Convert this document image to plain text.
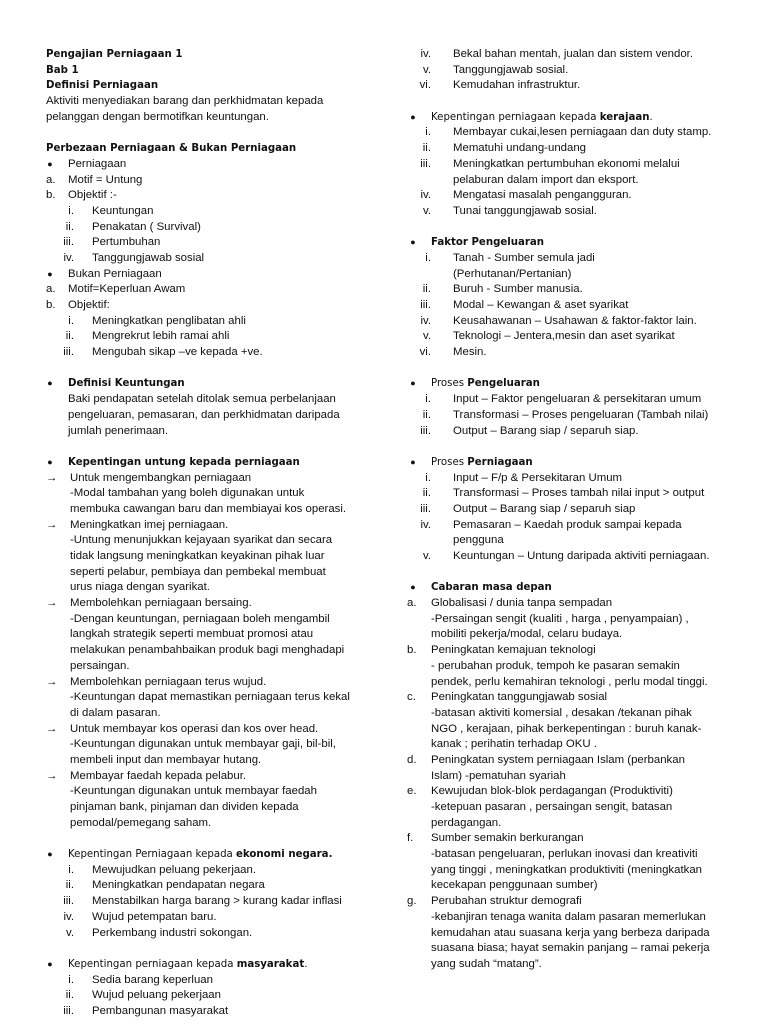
Pengajian Perniagaan 1
Bab 1
Definisi Perniagaan
Aktiviti menyediakan barang dan perkhidmatan kepada
pelanggan dengan bermotifkan keuntungan.
Perbezaan Perniagaan & Bukan Perniagaan
● Perniagaan
a. Motif = Untung
b. Objektif :-
i. Keuntungan
ii. Penakatan ( Survival)
iii. Pertumbuhan
iv. Tanggungjawab sosial
● Bukan Perniagaan
a. Motif=Keperluan Awam
b. Objektif:
i. Meningkatkan penglibatan ahli
ii. Mengrekrut lebih ramai ahli
iii. Mengubah sikap –ve kepada +ve.
● Definisi Keuntungan
Baki pendapatan setelah ditolak semua perbelanjaan
pengeluaran, pemasaran, dan perkhidmatan daripada
jumlah penerimaan.
● Kepentingan untung kepada perniagaan
→	Untuk mengembangkan perniagaan
-Modal tambahan yang boleh digunakan untuk
membuka cawangan baru dan membiayai kos operasi.
→	Meningkatkan imej perniagaan.
-Untung menunjukkan kejayaan syarikat dan secara
tidak langsung meningkatkan keyakinan pihak luar
seperti pelabur, pembiaya dan pembekal membuat
urus niaga dengan syarikat.
→	Membolehkan perniagaan bersaing.
-Dengan keuntungan, perniagaan boleh mengambil
langkah strategik seperti membuat promosi atau
melakukan penambahbaikan produk bagi menghadapi
persaingan.
→	Membolehkan perniagaan terus wujud.
-Keuntungan dapat memastikan perniagaan terus kekal
di dalam pasaran.
→	Untuk membayar kos operasi dan kos over head.
-Keuntungan digunakan untuk membayar gaji, bil-bil,
membeli input dan membayar hutang.
→	Membayar faedah kepada pelabur.
-Keuntungan digunakan untuk membayar faedah
pinjaman bank, pinjaman dan dividen kepada
pemodal/pemegang saham.
● Kepentingan Perniagaan kepada ekonomi negara.
i. Mewujudkan peluang pekerjaan.
ii. Meningkatkan pendapatan negara
iii. Menstabilkan harga barang > kurang kadar inflasi
iv. Wujud petempatan baru.
v. Perkembang industri sokongan.
● Kepentingan perniagaan kepada masyarakat.
i. Sedia barang keperluan
ii. Wujud peluang pekerjaan
iii. Pembangunan masyarakat
iv. Bekal bahan mentah, jualan dan sistem vendor.
v. Tanggungjawab sosial.
vi. Kemudahan infrastruktur.
● Kepentingan perniagaan kepada kerajaan.
i. Membayar cukai,lesen perniagaan dan duty stamp.
ii. Mematuhi undang-undang
iii. Meningkatkan pertumbuhan ekonomi melalui
pelaburan dalam import dan eksport.
iv. Mengatasi masalah pengangguran.
v. Tunai tanggungjawab sosial.
● Faktor Pengeluaran
i. Tanah - Sumber semula jadi
(Perhutanan/Pertanian)
ii. Buruh - Sumber manusia.
iii. Modal – Kewangan & aset syarikat
iv. Keusahawanan – Usahawan & faktor-faktor lain.
v. Teknologi – Jentera,mesin dan aset syarikat
vi. Mesin.
● Proses Pengeluaran
i. Input – Faktor pengeluaran & persekitaran umum
ii. Transformasi – Proses pengeluaran (Tambah nilai)
iii. Output – Barang siap / separuh siap.
● Proses Perniagaan
i. Input – F/p & Persekitaran Umum
ii. Transformasi – Proses tambah nilai input > output
iii. Output – Barang siap / separuh siap
iv. Pemasaran – Kaedah produk sampai kepada
pengguna
v. Keuntungan – Untung daripada aktiviti perniagaan.
● Cabaran masa depan
a. Globalisasi / dunia tanpa sempadan
-Persaingan sengit (kualiti , harga , penyampaian) ,
mobiliti pekerja/modal, celaru budaya.
b. Peningkatan kemajuan teknologi
- perubahan produk, tempoh ke pasaran semakin
pendek, perlu kemahiran teknologi , perlu modal tinggi.
c. Peningkatan tanggungjawab sosial
-batasan aktiviti komersial , desakan /tekanan pihak
NGO , kerajaan, pihak berkepentingan : buruh kanak-
kanak ; perihatin terhadap OKU .
d. Peningkatan system perniagaan Islam (perbankan
Islam) -pematuhan syariah
e. Kewujudan blok-blok perdagangan (Produktiviti)
-ketepuan pasaran , persaingan sengit, batasan
perdagangan.
f.	Sumber semakin berkurangan
-batasan pengeluaran, perlukan inovasi dan kreativiti
yang tinggi , meningkatkan produktiviti (meningkatkan
kecekapan penggunaan sumber)
g. Perubahan struktur demografi
-kebanjiran tenaga wanita dalam pasaran memerlukan
kemudahan atau suasana kerja yang berbeza daripada
suasana biasa; hayat semakin panjang – ramai pekerja
yang sudah “matang”.
